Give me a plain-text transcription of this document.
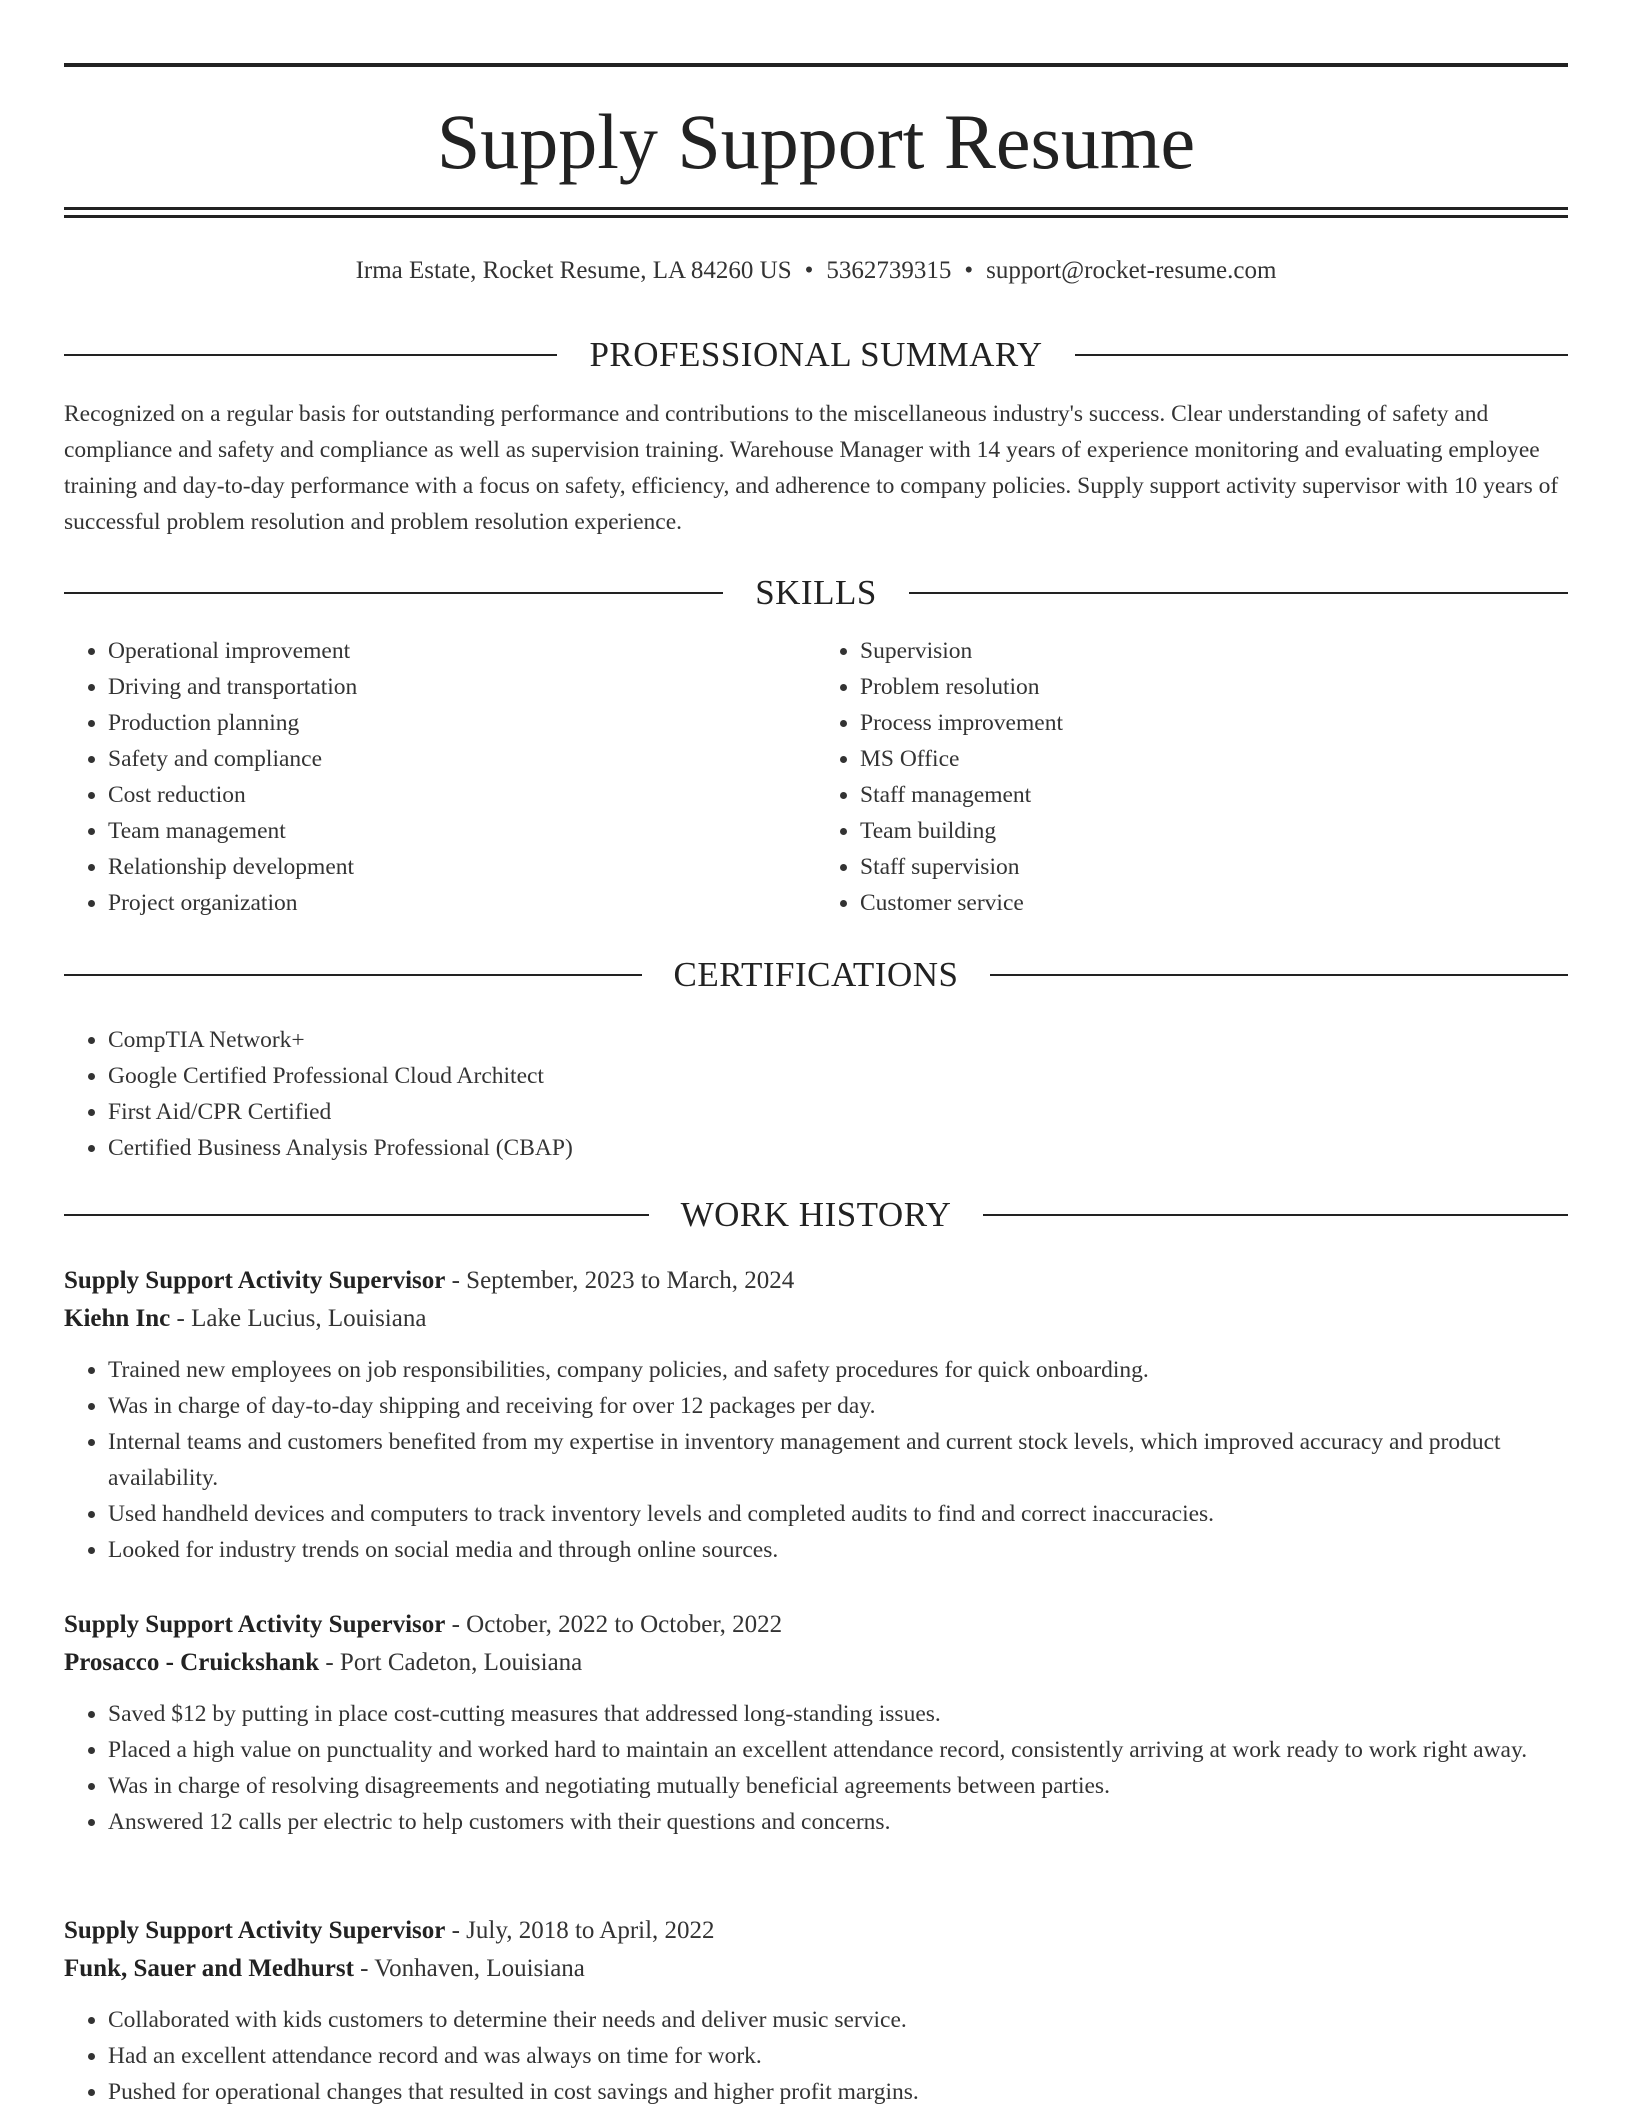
Supply Support Resume
Irma Estate, Rocket Resume, LA 84260 US • 5362739315 • support@rocket-resume.com
PROFESSIONAL SUMMARY

Recognized on a regular basis for outstanding performance and contributions to the miscellaneous industry's success. Clear understanding of safety and compliance and safety and compliance as well as supervision training. Warehouse Manager with 14 years of experience monitoring and evaluating employee training and day-to-day performance with a focus on safety, efficiency, and adherence to company policies. Supply support activity supervisor with 10 years of successful problem resolution and problem resolution experience.

SKILLS
• Operational improvement
• Driving and transportation
• Production planning
• Safety and compliance
• Cost reduction
• Team management
• Relationship development
• Project organization
• Supervision
• Problem resolution
• Process improvement
• MS Office
• Staff management
• Team building
• Staff supervision
• Customer service
CERTIFICATIONS
• CompTIA Network+
• Google Certified Professional Cloud Architect
• First Aid/CPR Certified
• Certified Business Analysis Professional (CBAP)
WORK HISTORY
Supply Support Activity Supervisor - September, 2023 to March, 2024
Kiehn Inc - Lake Lucius, Louisiana
• Trained new employees on job responsibilities, company policies, and safety procedures for quick onboarding.
• Was in charge of day-to-day shipping and receiving for over 12 packages per day.
• Internal teams and customers benefited from my expertise in inventory management and current stock levels, which improved accuracy and product availability.
• Used handheld devices and computers to track inventory levels and completed audits to find and correct inaccuracies.
• Looked for industry trends on social media and through online sources.
Supply Support Activity Supervisor - October, 2022 to October, 2022
Prosacco - Cruickshank - Port Cadeton, Louisiana
• Saved $12 by putting in place cost-cutting measures that addressed long-standing issues.
• Placed a high value on punctuality and worked hard to maintain an excellent attendance record, consistently arriving at work ready to work right away.
• Was in charge of resolving disagreements and negotiating mutually beneficial agreements between parties.
• Answered 12 calls per electric to help customers with their questions and concerns.
Supply Support Activity Supervisor - July, 2018 to April, 2022
Funk, Sauer and Medhurst - Vonhaven, Louisiana
• Collaborated with kids customers to determine their needs and deliver music service.
• Had an excellent attendance record and was always on time for work.
• Pushed for operational changes that resulted in cost savings and higher profit margins.
